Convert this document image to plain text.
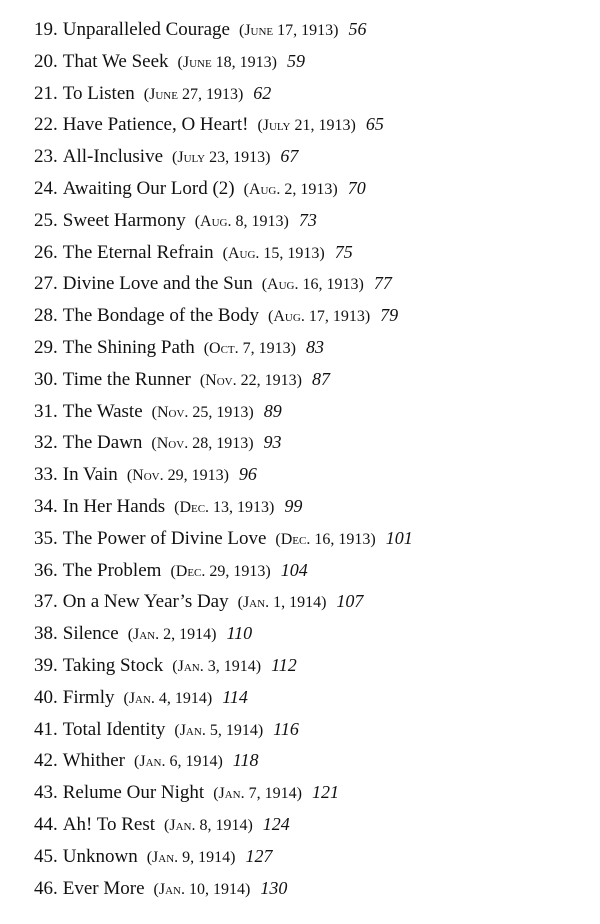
19. Unparalleled Courage (June 17, 1913) 56
20. That We Seek (June 18, 1913) 59
21. To Listen (June 27, 1913) 62
22. Have Patience, O Heart! (July 21, 1913) 65
23. All-Inclusive (July 23, 1913) 67
24. Awaiting Our Lord (2) (Aug. 2, 1913) 70
25. Sweet Harmony (Aug. 8, 1913) 73
26. The Eternal Refrain (Aug. 15, 1913) 75
27. Divine Love and the Sun (Aug. 16, 1913) 77
28. The Bondage of the Body (Aug. 17, 1913) 79
29. The Shining Path (Oct. 7, 1913) 83
30. Time the Runner (Nov. 22, 1913) 87
31. The Waste (Nov. 25, 1913) 89
32. The Dawn (Nov. 28, 1913) 93
33. In Vain (Nov. 29, 1913) 96
34. In Her Hands (Dec. 13, 1913) 99
35. The Power of Divine Love (Dec. 16, 1913) 101
36. The Problem (Dec. 29, 1913) 104
37. On a New Year’s Day (Jan. 1, 1914) 107
38. Silence (Jan. 2, 1914) 110
39. Taking Stock (Jan. 3, 1914) 112
40. Firmly (Jan. 4, 1914) 114
41. Total Identity (Jan. 5, 1914) 116
42. Whither (Jan. 6, 1914) 118
43. Relume Our Night (Jan. 7, 1914) 121
44. Ah! To Rest (Jan. 8, 1914) 124
45. Unknown (Jan. 9, 1914) 127
46. Ever More (Jan. 10, 1914) 130
